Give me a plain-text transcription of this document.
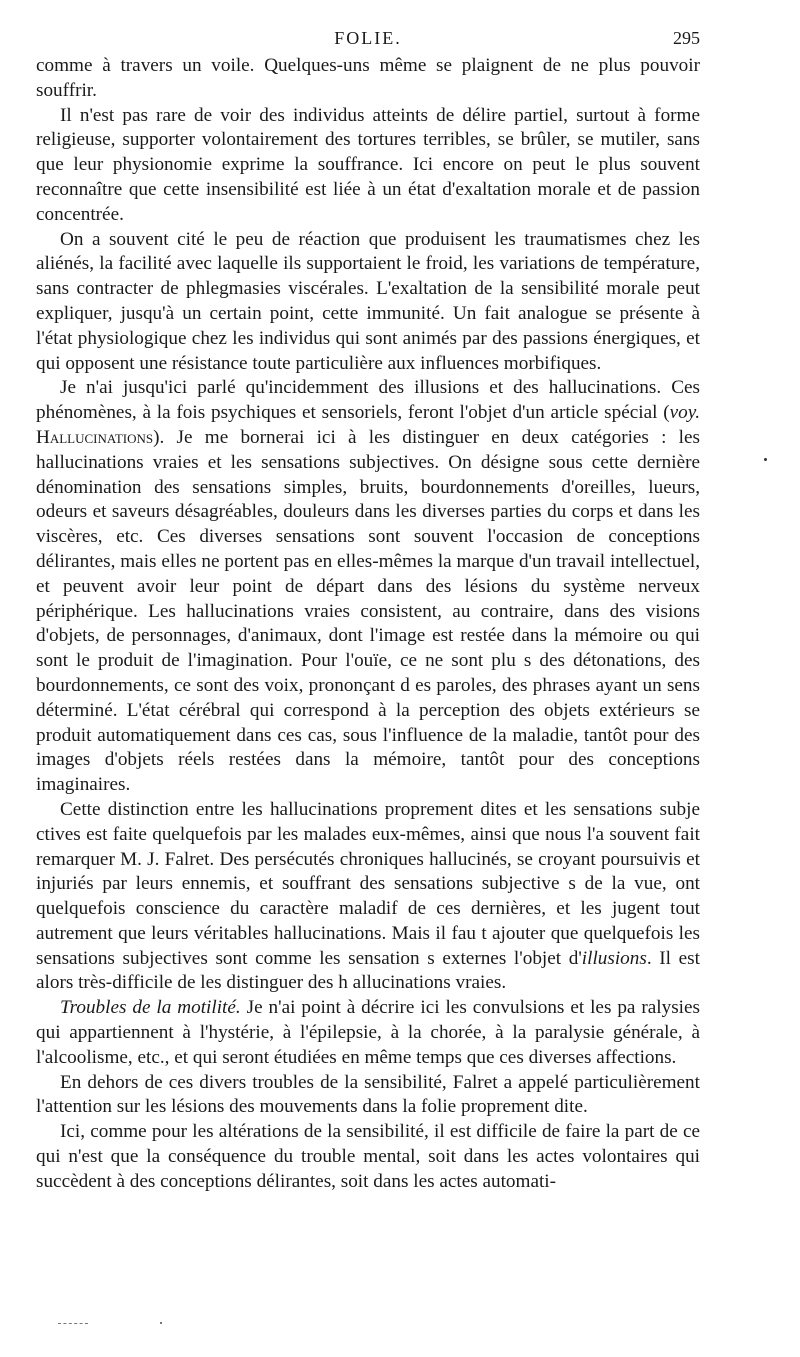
FOLIE.	295

comme à travers un voile. Quelques-uns même se plaignent de ne plus pouvoir souffrir.

Il n'est pas rare de voir des individus atteints de délire partiel, surtout à forme religieuse, supporter volontairement des tortures terribles, se brûler, se mutiler, sans que leur physionomie exprime la souffrance. Ici encore on peut le plus souvent reconnaître que cette insensibilité est liée à un état d'exaltation morale et de passion concentrée.

On a souvent cité le peu de réaction que produisent les traumatismes chez les aliénés, la facilité avec laquelle ils supportaient le froid, les variations de température, sans contracter de phlegmasies viscérales. L'exaltation de la sensibilité morale peut expliquer, jusqu'à un certain point, cette immunité. Un fait analogue se présente à l'état physiologique chez les individus qui sont animés par des passions énergiques, et qui opposent une résistance toute particulière aux influences morbifiques.

Je n'ai jusqu'ici parlé qu'incidemment des illusions et des hallucinations. Ces phénomènes, à la fois psychiques et sensoriels, feront l'objet d'un article spécial (voy. Hallucinations). Je me bornerai ici à les distinguer en deux catégories : les hallucinations vraies et les sensations subjectives. On désigne sous cette dernière dénomination des sensations simples, bruits, bourdonnements d'oreilles, lueurs, odeurs et saveurs désagréables, douleurs dans les diverses parties du corps et dans les viscères, etc. Ces diverses sensations sont souvent l'occasion de conceptions délirantes, mais elles ne portent pas en elles-mêmes la marque d'un travail intellectuel, et peuvent avoir leur point de départ dans des lésions du système nerveux périphérique. Les hallucinations vraies consistent, au contraire, dans des visions d'objets, de personnages, d'animaux, dont l'image est restée dans la mémoire ou qui sont le produit de l'imagination. Pour l'ouïe, ce ne sont plu s des détonations, des bourdonnements, ce sont des voix, prononçant d es paroles, des phrases ayant un sens déterminé. L'état cérébral qui correspond à la perception des objets extérieurs se produit automatiquement dans ces cas, sous l'influence de la maladie, tantôt pour des images d'objets réels restées dans la mémoire, tantôt pour des conceptions imaginaires.

Cette distinction entre les hallucinations proprement dites et les sensations subje ctives est faite quelquefois par les malades eux-mêmes, ainsi que nous l'a souvent fait remarquer M. J. Falret. Des persécutés chroniques hallucinés, se croyant poursuivis et injuriés par leurs ennemis, et souffrant des sensations subjective s de la vue, ont quelquefois conscience du caractère maladif de ces dernières, et les jugent tout autrement que leurs véritables hallucinations. Mais il fau t ajouter que quelquefois les sensations subjectives sont comme les sensation s externes l'objet d'illusions. Il est alors très-difficile de les distinguer des h allucinations vraies.

Troubles de la motilité. Je n'ai point à décrire ici les convulsions et les pa ralysies qui appartiennent à l'hystérie, à l'épilepsie, à la chorée, à la paralysie générale, à l'alcoolisme, etc., et qui seront étudiées en même temps que ces diverses affections.

En dehors de ces divers troubles de la sensibilité, Falret a appelé particulièrement l'attention sur les lésions des mouvements dans la folie proprement dite.

Ici, comme pour les altérations de la sensibilité, il est difficile de faire la part de ce qui n'est que la conséquence du trouble mental, soit dans les actes volontaires qui succèdent à des conceptions délirantes, soit dans les actes automati-
